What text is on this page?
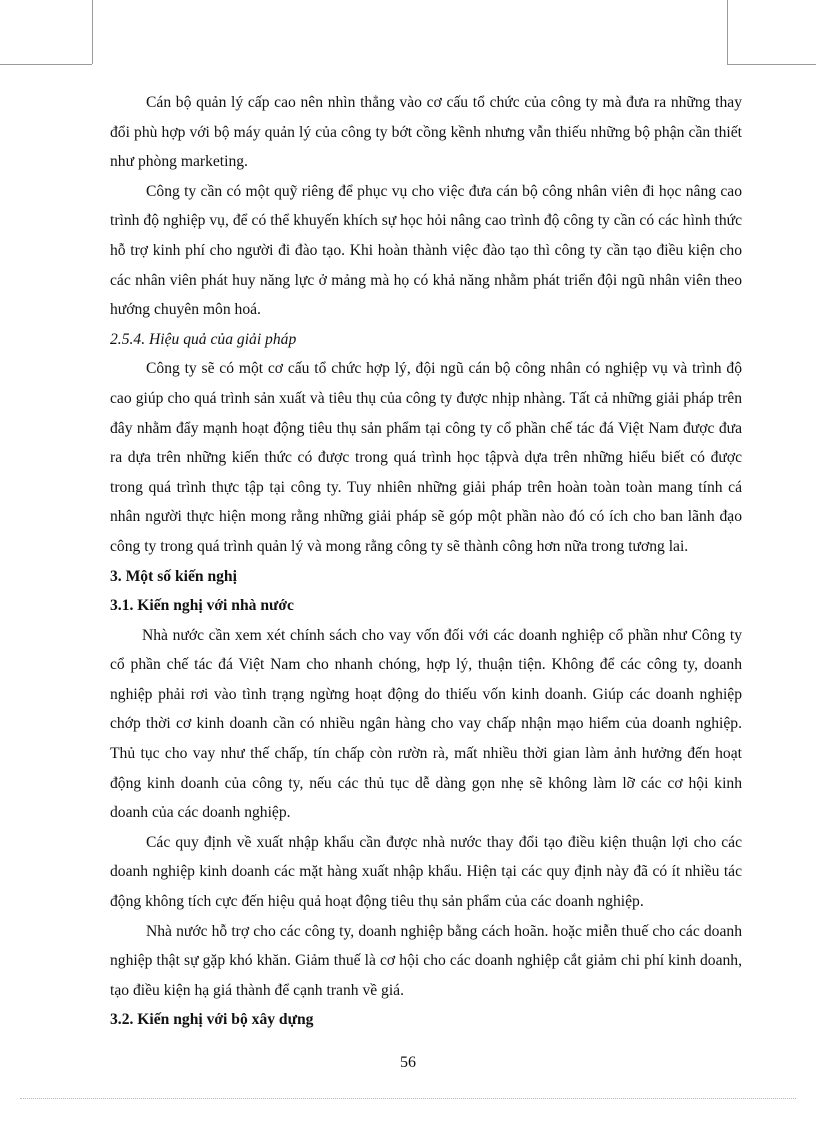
Cán bộ quản lý cấp cao nên nhìn thẳng vào cơ cấu tổ chức của công ty mà đưa ra những thay đổi phù hợp với bộ máy quản lý của công ty bớt cồng kềnh nhưng vẫn thiếu những bộ phận cần thiết như phòng marketing.

Công ty cần có một quỹ riêng để phục vụ cho việc đưa cán bộ công nhân viên đi học nâng cao trình độ nghiệp vụ, để có thể khuyến khích sự học hỏi nâng cao trình độ công ty cần có các hình thức hỗ trợ kinh phí cho người đi đào tạo. Khi hoàn thành việc đào tạo thì công ty cần tạo điều kiện cho các nhân viên phát huy năng lực ở mảng mà họ có khả năng nhằm phát triển đội ngũ nhân viên theo hướng chuyên môn hoá.

2.5.4. Hiệu quả của giải pháp

Công ty sẽ có một cơ cấu tổ chức hợp lý, đội ngũ cán bộ công nhân có nghiệp vụ và trình độ cao giúp cho quá trình sản xuất và tiêu thụ của công ty được nhịp nhàng. Tất cả những giải pháp trên đây nhằm đẩy mạnh hoạt động tiêu thụ sản phẩm tại công ty cổ phần chế tác đá Việt Nam được đưa ra dựa trên những kiến thức có được trong quá trình học tậpvà dựa trên những hiểu biết có được trong quá trình thực tập tại công ty. Tuy nhiên những giải pháp trên hoàn toàn toàn mang tính cá nhân người thực hiện mong rằng những giải pháp sẽ góp một phần nào đó có ích cho ban lãnh đạo công ty trong quá trình quản lý và mong rằng công ty sẽ thành công hơn nữa trong tương lai.

3. Một số kiến nghị

3.1. Kiến nghị với nhà nước

Nhà nước cần xem xét chính sách cho vay vốn đối với các doanh nghiệp cổ phần như Công ty cổ phần chế tác đá Việt Nam cho nhanh chóng, hợp lý, thuận tiện. Không để các công ty, doanh nghiệp phải rơi vào tình trạng ngừng hoạt động do thiếu vốn kinh doanh. Giúp các doanh nghiệp chớp thời cơ kinh doanh cần có nhiều ngân hàng cho vay chấp nhận mạo hiểm của doanh nghiệp. Thủ tục cho vay như thế chấp, tín chấp còn rườn rà, mất nhiều thời gian làm ảnh hưởng đến hoạt động kinh doanh của công ty, nếu các thủ tục dễ dàng gọn nhẹ sẽ không làm lỡ các cơ hội kinh doanh của các doanh nghiệp.

Các quy định về xuất nhập khẩu cần được nhà nước thay đổi tạo điều kiện thuận lợi cho các doanh nghiệp kinh doanh các mặt hàng xuất nhập khẩu. Hiện tại các quy định này đã có ít nhiều tác động không tích cực đến hiệu quả hoạt động tiêu thụ sản phẩm của các doanh nghiệp.

Nhà nước hỗ trợ cho các công ty, doanh nghiệp bằng cách hoãn. hoặc miễn thuế cho các doanh nghiệp thật sự gặp khó khăn. Giảm thuế là cơ hội cho các doanh nghiệp cắt giảm chi phí kinh doanh, tạo điều kiện hạ giá thành để cạnh tranh về giá.

3.2. Kiến nghị với bộ xây dựng

56
